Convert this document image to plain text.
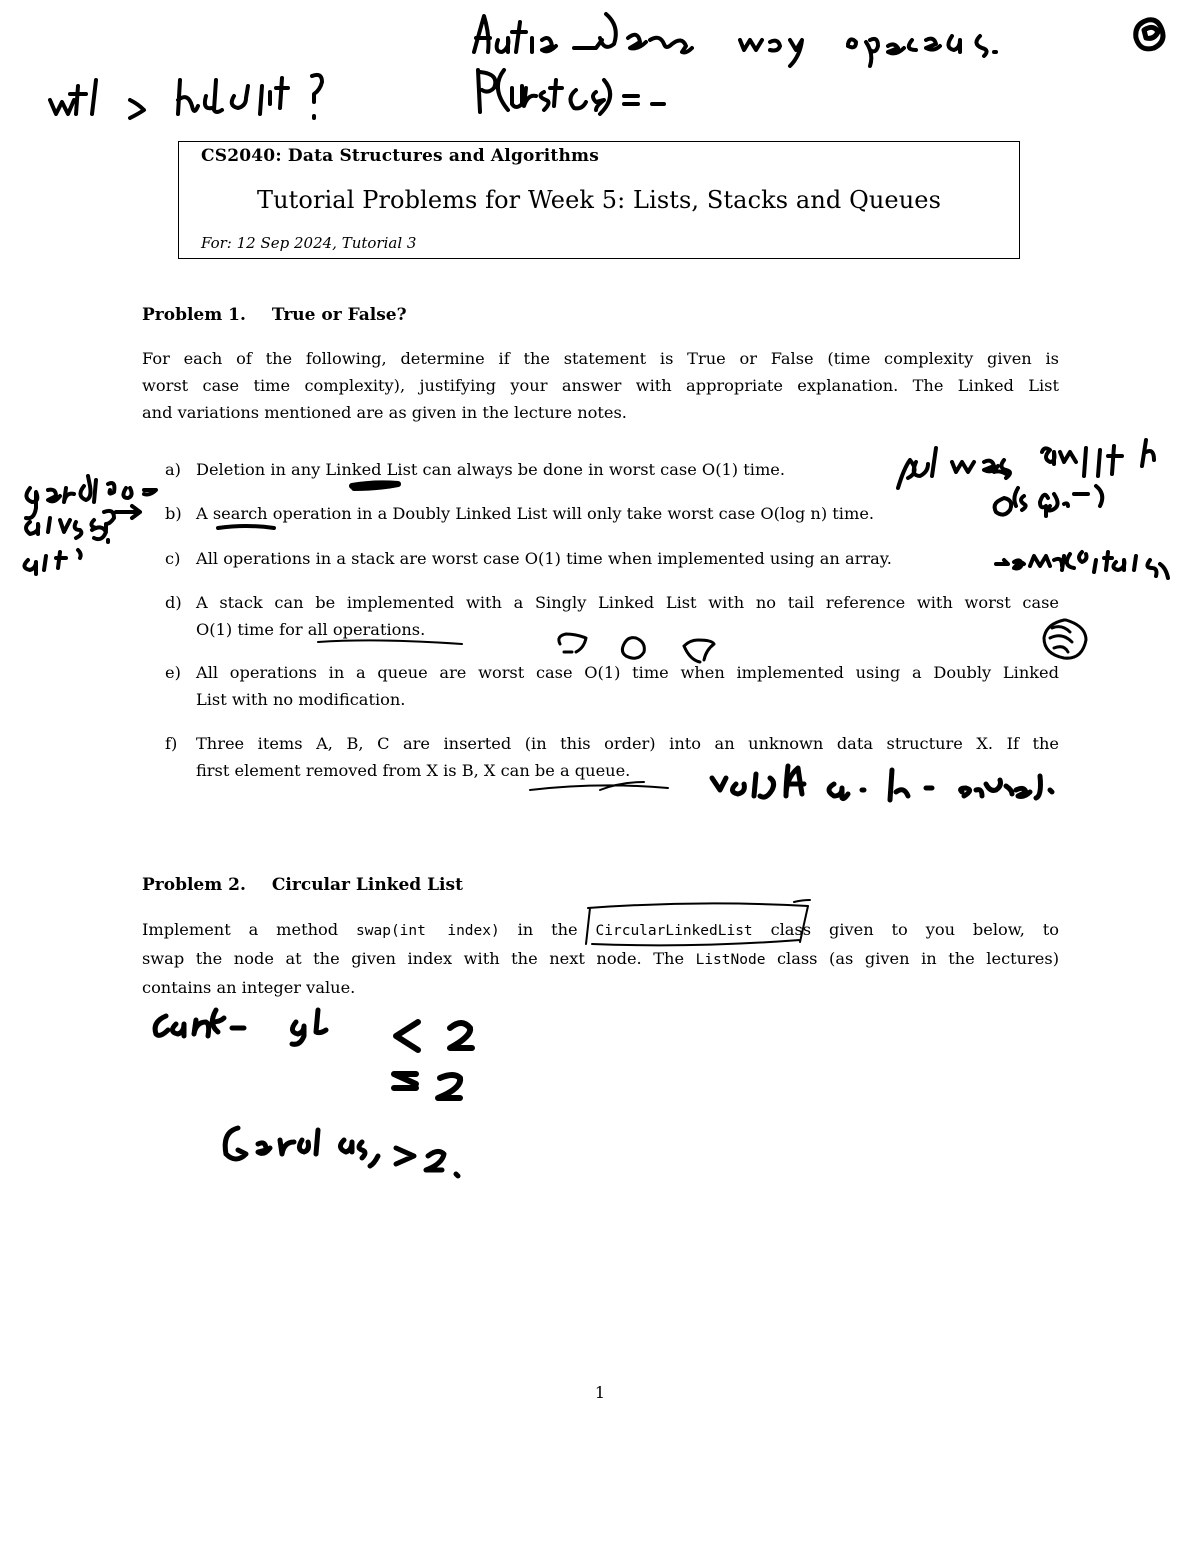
CS2040: Data Structures and Algorithms
Tutorial Problems for Week 5: Lists, Stacks and Queues
For: 12 Sep 2024, Tutorial 3
Problem 1. True or False?
For each of the following, determine if the statement is True or False (time complexity given is
worst case time complexity), justifying your answer with appropriate explanation. The Linked List
and variations mentioned are as given in the lecture notes.
a) Deletion in any Linked List can always be done in worst case O(1) time.
b) A search operation in a Doubly Linked List will only take worst case O(log n) time.
c) All operations in a stack are worst case O(1) time when implemented using an array.
d) A stack can be implemented with a Singly Linked List with no tail reference with worst case
O(1) time for all operations.
e) All operations in a queue are worst case O(1) time when implemented using a Doubly Linked
List with no modification.
f)	Three items A, B, C are inserted (in this order) into an unknown data structure X. If the
first element removed from X is B, X can be a queue.
Problem 2. Circular Linked List
Implement a method swap(int index) in the CircularLinkedList class given to you below, to
swap the node at the given index with the next node. The ListNode class (as given in the lectures)
contains an integer value.
1
